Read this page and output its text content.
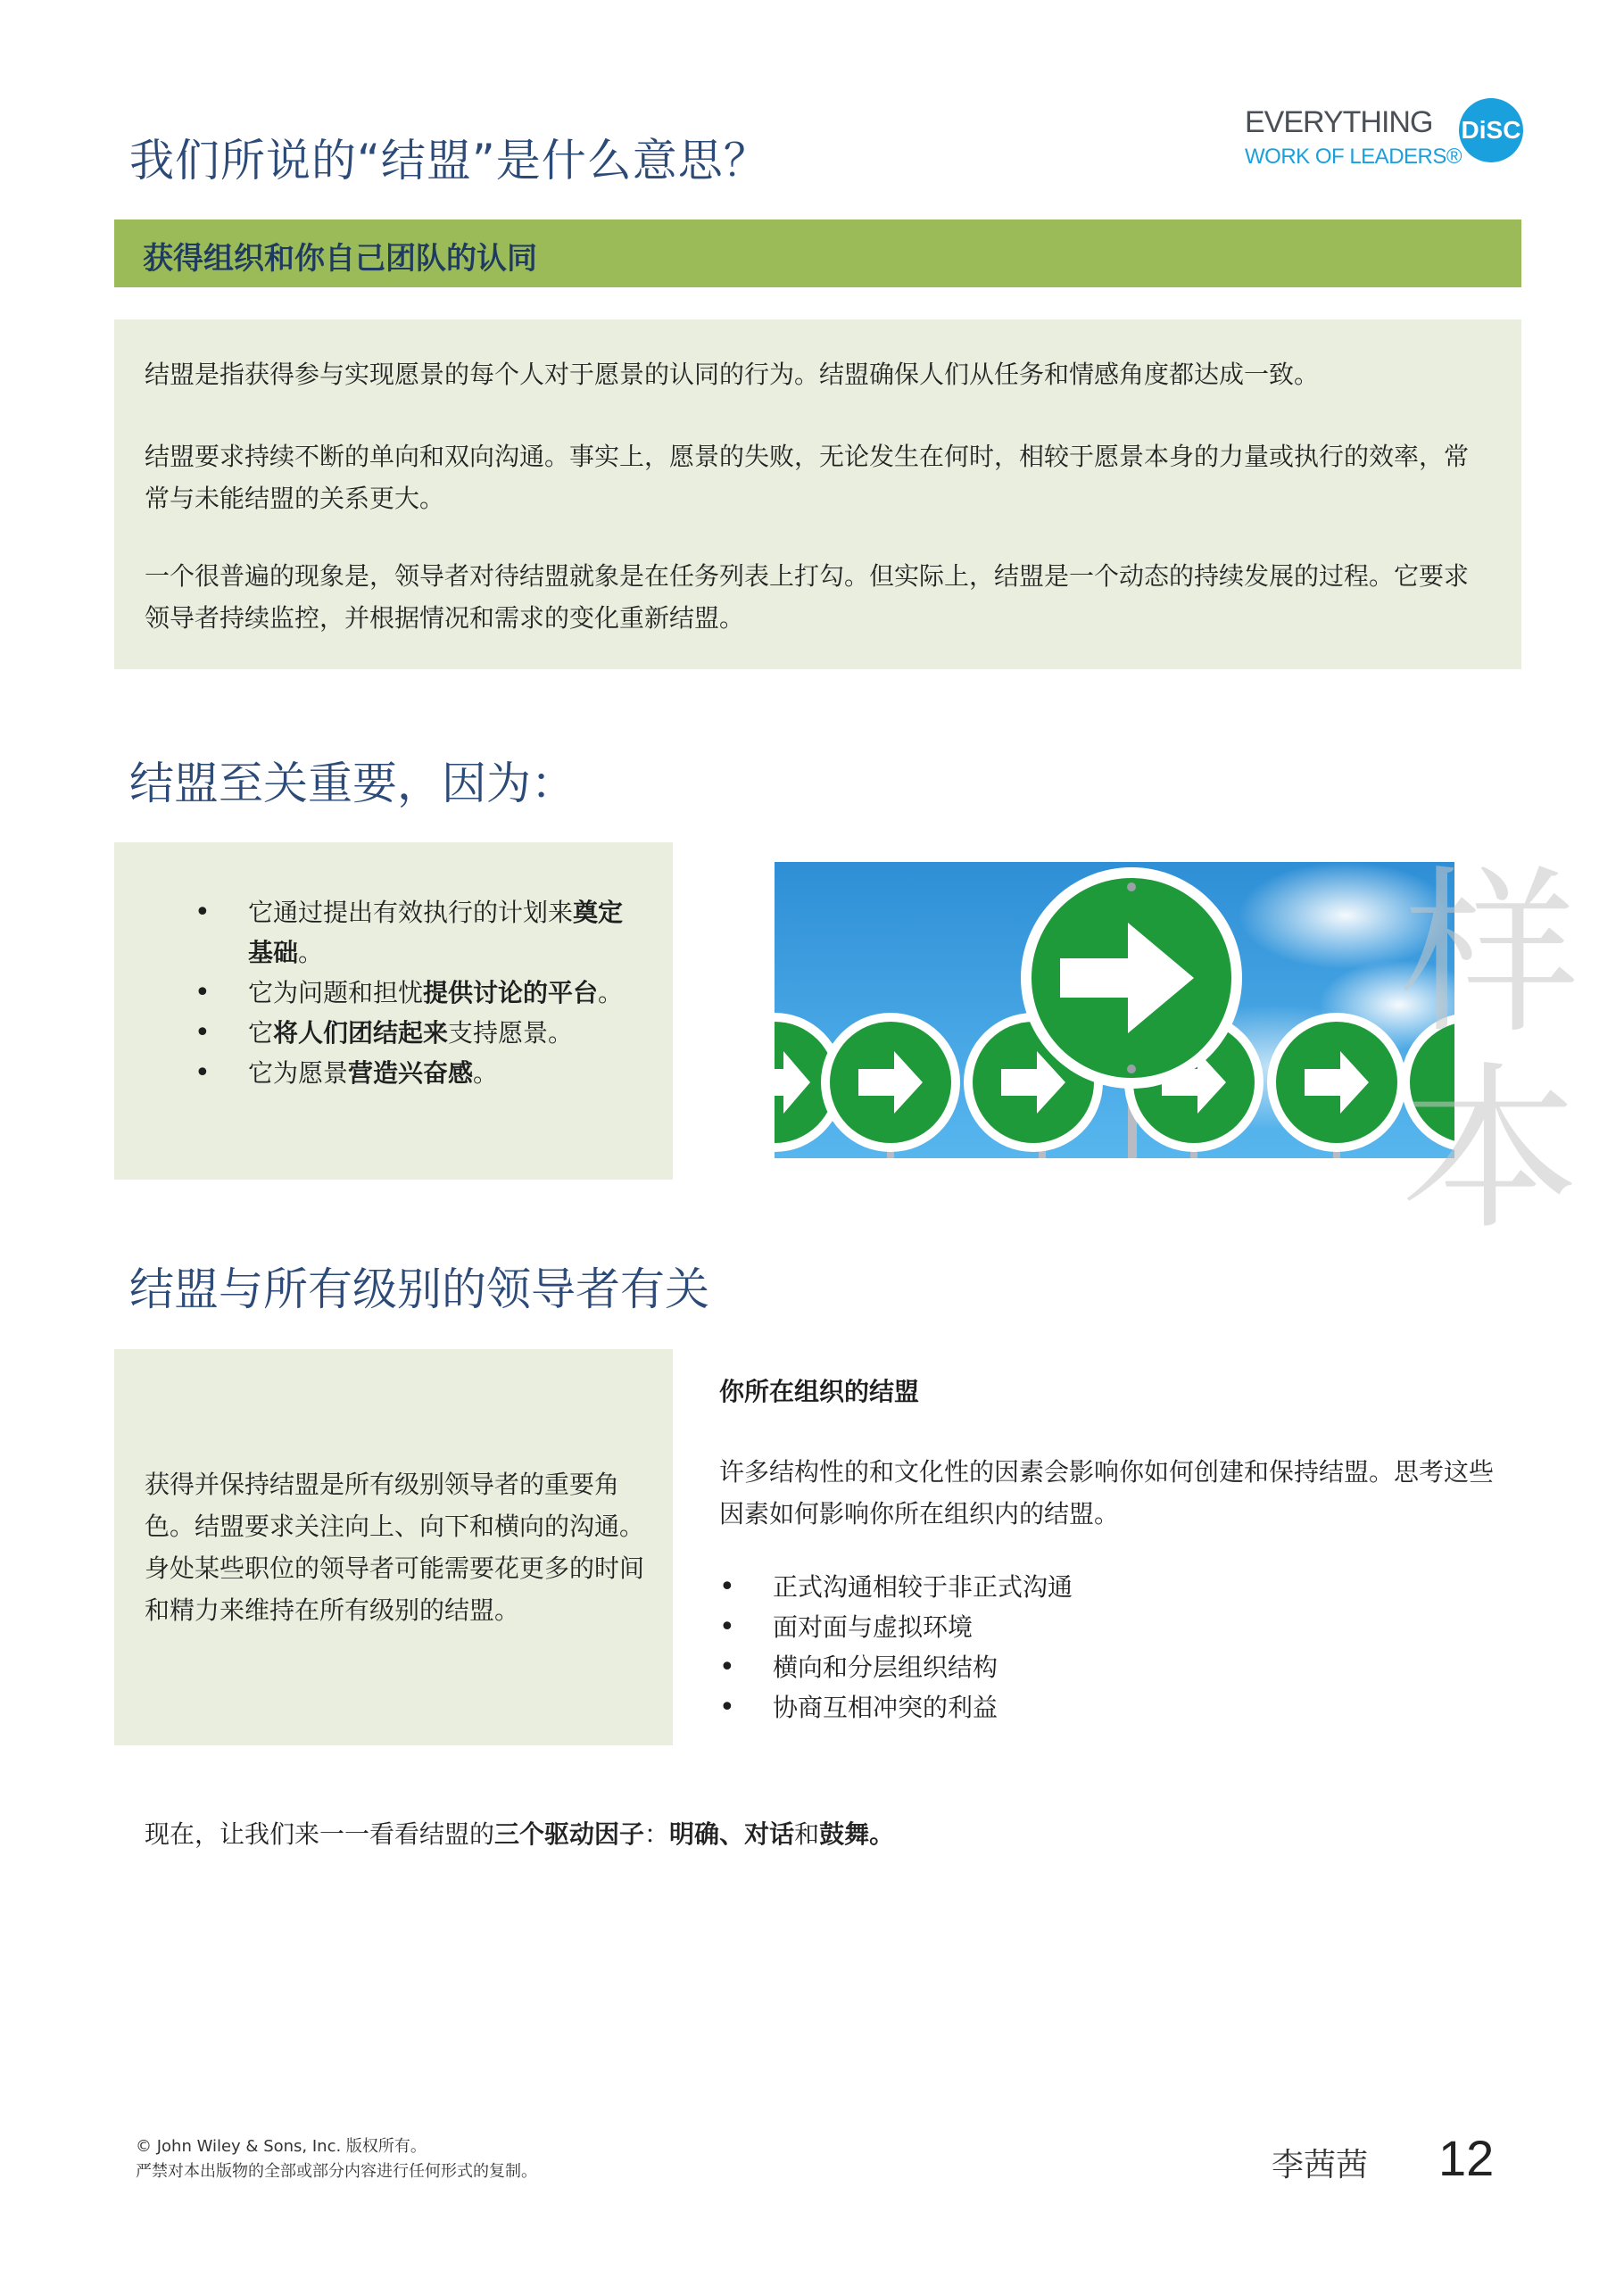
我们所说的“结盟”是什么意思？
EVERYTHING DiSC
WORK OF LEADERS®
获得组织和你自己团队的认同
结盟是指获得参与实现愿景的每个人对于愿景的认同的行为。结盟确保人们从任务和情感角度都达成一致。
结盟要求持续不断的单向和双向沟通。事实上，愿景的失败，无论发生在何时，相较于愿景本身的力量或执行的效率，常常与未能结盟的关系更大。
一个很普遍的现象是，领导者对待结盟就象是在任务列表上打勾。但实际上，结盟是一个动态的持续发展的过程。它要求领导者持续监控，并根据情况和需求的变化重新结盟。
结盟至关重要，因为：
• 它通过提出有效执行的计划来奠定基础。
• 它为问题和担忧提供讨论的平台。
• 它将人们团结起来支持愿景。
• 它为愿景营造兴奋感。
样本
结盟与所有级别的领导者有关
获得并保持结盟是所有级别领导者的重要角色。结盟要求关注向上、向下和横向的沟通。身处某些职位的领导者可能需要花更多的时间和精力来维持在所有级别的结盟。
你所在组织的结盟
许多结构性的和文化性的因素会影响你如何创建和保持结盟。思考这些因素如何影响你所在组织内的结盟。
• 正式沟通相较于非正式沟通
• 面对面与虚拟环境
• 横向和分层组织结构
• 协商互相冲突的利益
现在，让我们来一一看看结盟的三个驱动因子：明确、对话和鼓舞。
© John Wiley & Sons, Inc. 版权所有。
严禁对本出版物的全部或部分内容进行任何形式的复制。	李茜茜 12
